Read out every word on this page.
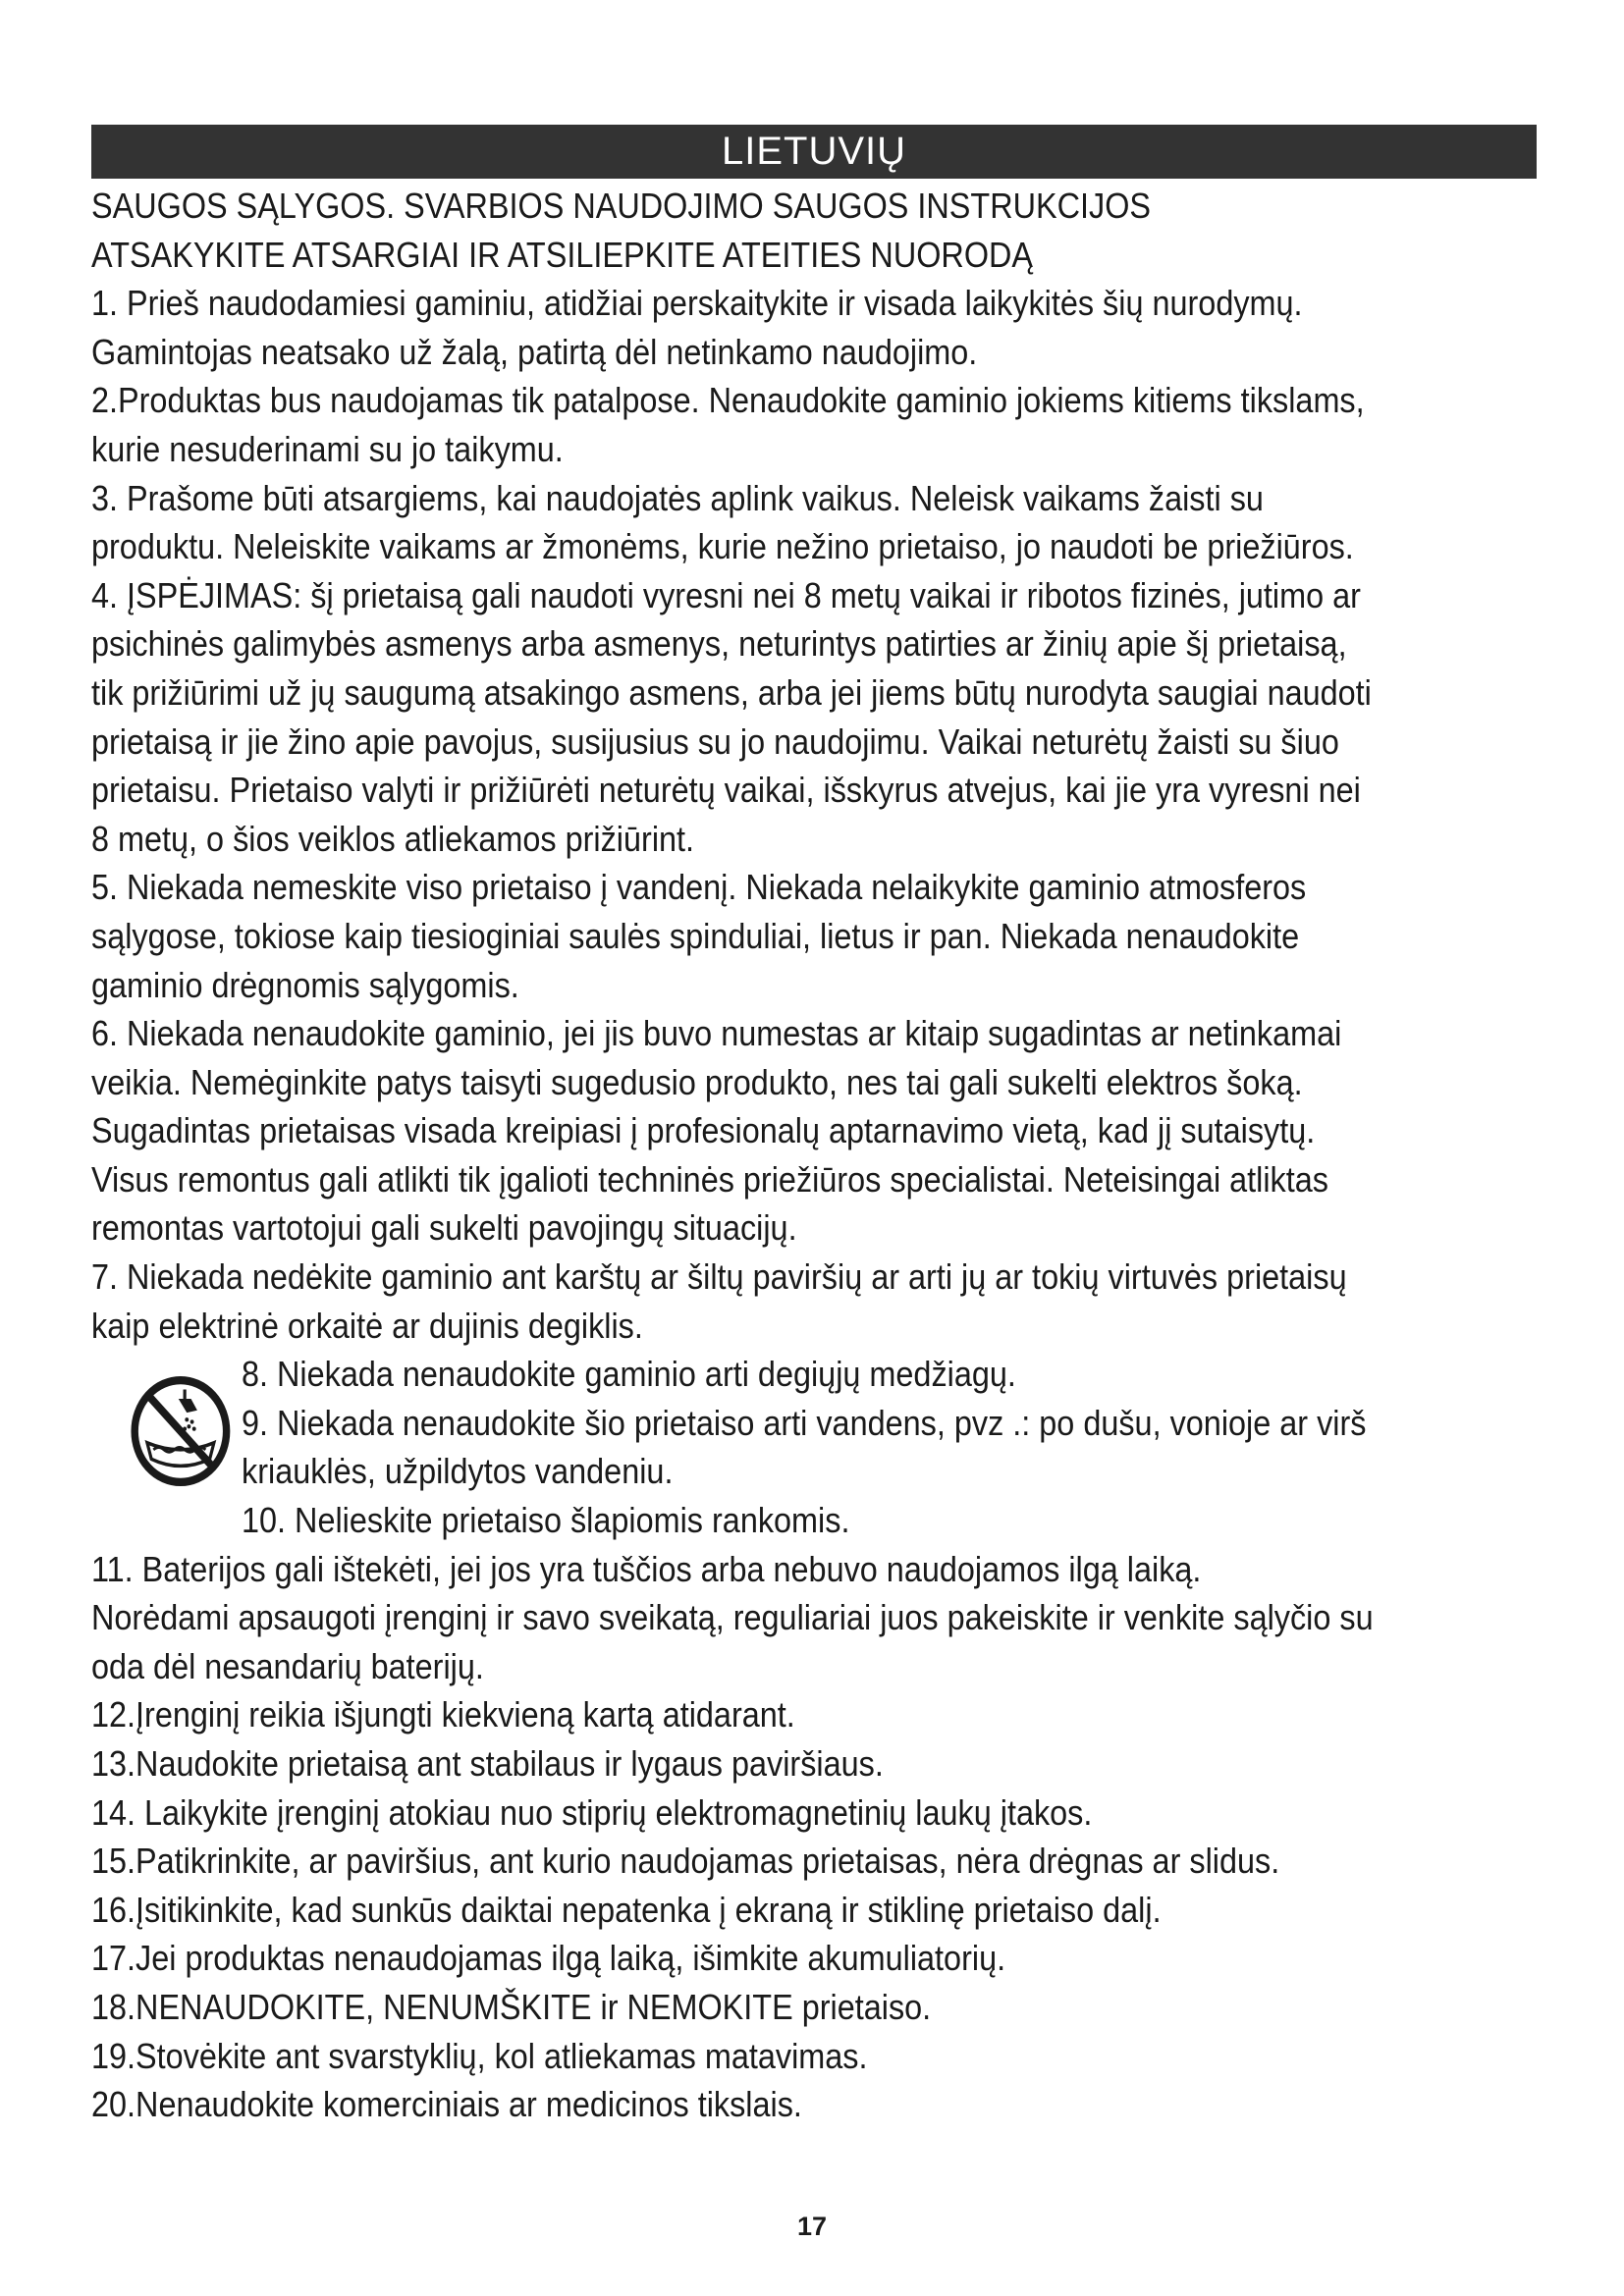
LIETUVIŲ

SAUGOS SĄLYGOS. SVARBIOS NAUDOJIMO SAUGOS INSTRUKCIJOS

ATSAKYKITE ATSARGIAI IR ATSILIEPKITE ATEITIES NUORODĄ

1. Prieš naudodamiesi gaminiu, atidžiai perskaitykite ir visada laikykitės šių nurodymų.

Gamintojas neatsako už žalą, patirtą dėl netinkamo naudojimo.

2.Produktas bus naudojamas tik patalpose. Nenaudokite gaminio jokiems kitiems tikslams,

kurie nesuderinami su jo taikymu.

3. Prašome būti atsargiems, kai naudojatės aplink vaikus. Neleisk vaikams žaisti su

produktu. Neleiskite vaikams ar žmonėms, kurie nežino prietaiso, jo naudoti be priežiūros.

4. ĮSPĖJIMAS: šį prietaisą gali naudoti vyresni nei 8 metų vaikai ir ribotos fizinės, jutimo ar

psichinės galimybės asmenys arba asmenys, neturintys patirties ar žinių apie šį prietaisą,

tik prižiūrimi už jų saugumą atsakingo asmens, arba jei jiems būtų nurodyta saugiai naudoti

prietaisą ir jie žino apie pavojus, susijusius su jo naudojimu. Vaikai neturėtų žaisti su šiuo

prietaisu. Prietaiso valyti ir prižiūrėti neturėtų vaikai, išskyrus atvejus, kai jie yra vyresni nei

8 metų, o šios veiklos atliekamos prižiūrint.

5. Niekada nemeskite viso prietaiso į vandenį. Niekada nelaikykite gaminio atmosferos

sąlygose, tokiose kaip tiesioginiai saulės spinduliai, lietus ir pan. Niekada nenaudokite

gaminio drėgnomis sąlygomis.

6. Niekada nenaudokite gaminio, jei jis buvo numestas ar kitaip sugadintas ar netinkamai

veikia. Nemėginkite patys taisyti sugedusio produkto, nes tai gali sukelti elektros šoką.

Sugadintas prietaisas visada kreipiasi į profesionalų aptarnavimo vietą, kad jį sutaisytų.

Visus remontus gali atlikti tik įgalioti techninės priežiūros specialistai. Neteisingai atliktas

remontas vartotojui gali sukelti pavojingų situacijų.

7. Niekada nedėkite gaminio ant karštų ar šiltų paviršių ar arti jų ar tokių virtuvės prietaisų

kaip elektrinė orkaitė ar dujinis degiklis.

8. Niekada nenaudokite gaminio arti degiųjų medžiagų.

9. Niekada nenaudokite šio prietaiso arti vandens, pvz .: po dušu, vonioje ar virš

kriauklės, užpildytos vandeniu.

10. Nelieskite prietaiso šlapiomis rankomis.

11. Baterijos gali ištekėti, jei jos yra tuščios arba nebuvo naudojamos ilgą laiką.

Norėdami apsaugoti įrenginį ir savo sveikatą, reguliariai juos pakeiskite ir venkite sąlyčio su

oda dėl nesandarių baterijų.

12.Įrenginį reikia išjungti kiekvieną kartą atidarant.

13.Naudokite prietaisą ant stabilaus ir lygaus paviršiaus.

14. Laikykite įrenginį atokiau nuo stiprių elektromagnetinių laukų įtakos.

15.Patikrinkite, ar paviršius, ant kurio naudojamas prietaisas, nėra drėgnas ar slidus.

16.Įsitikinkite, kad sunkūs daiktai nepatenka į ekraną ir stiklinę prietaiso dalį.

17.Jei produktas nenaudojamas ilgą laiką, išimkite akumuliatorių.

18.NENAUDOKITE, NENUMŠKITE ir NEMOKITE prietaiso.

19.Stovėkite ant svarstyklių, kol atliekamas matavimas.

20.Nenaudokite komerciniais ar medicinos tikslais.

17
